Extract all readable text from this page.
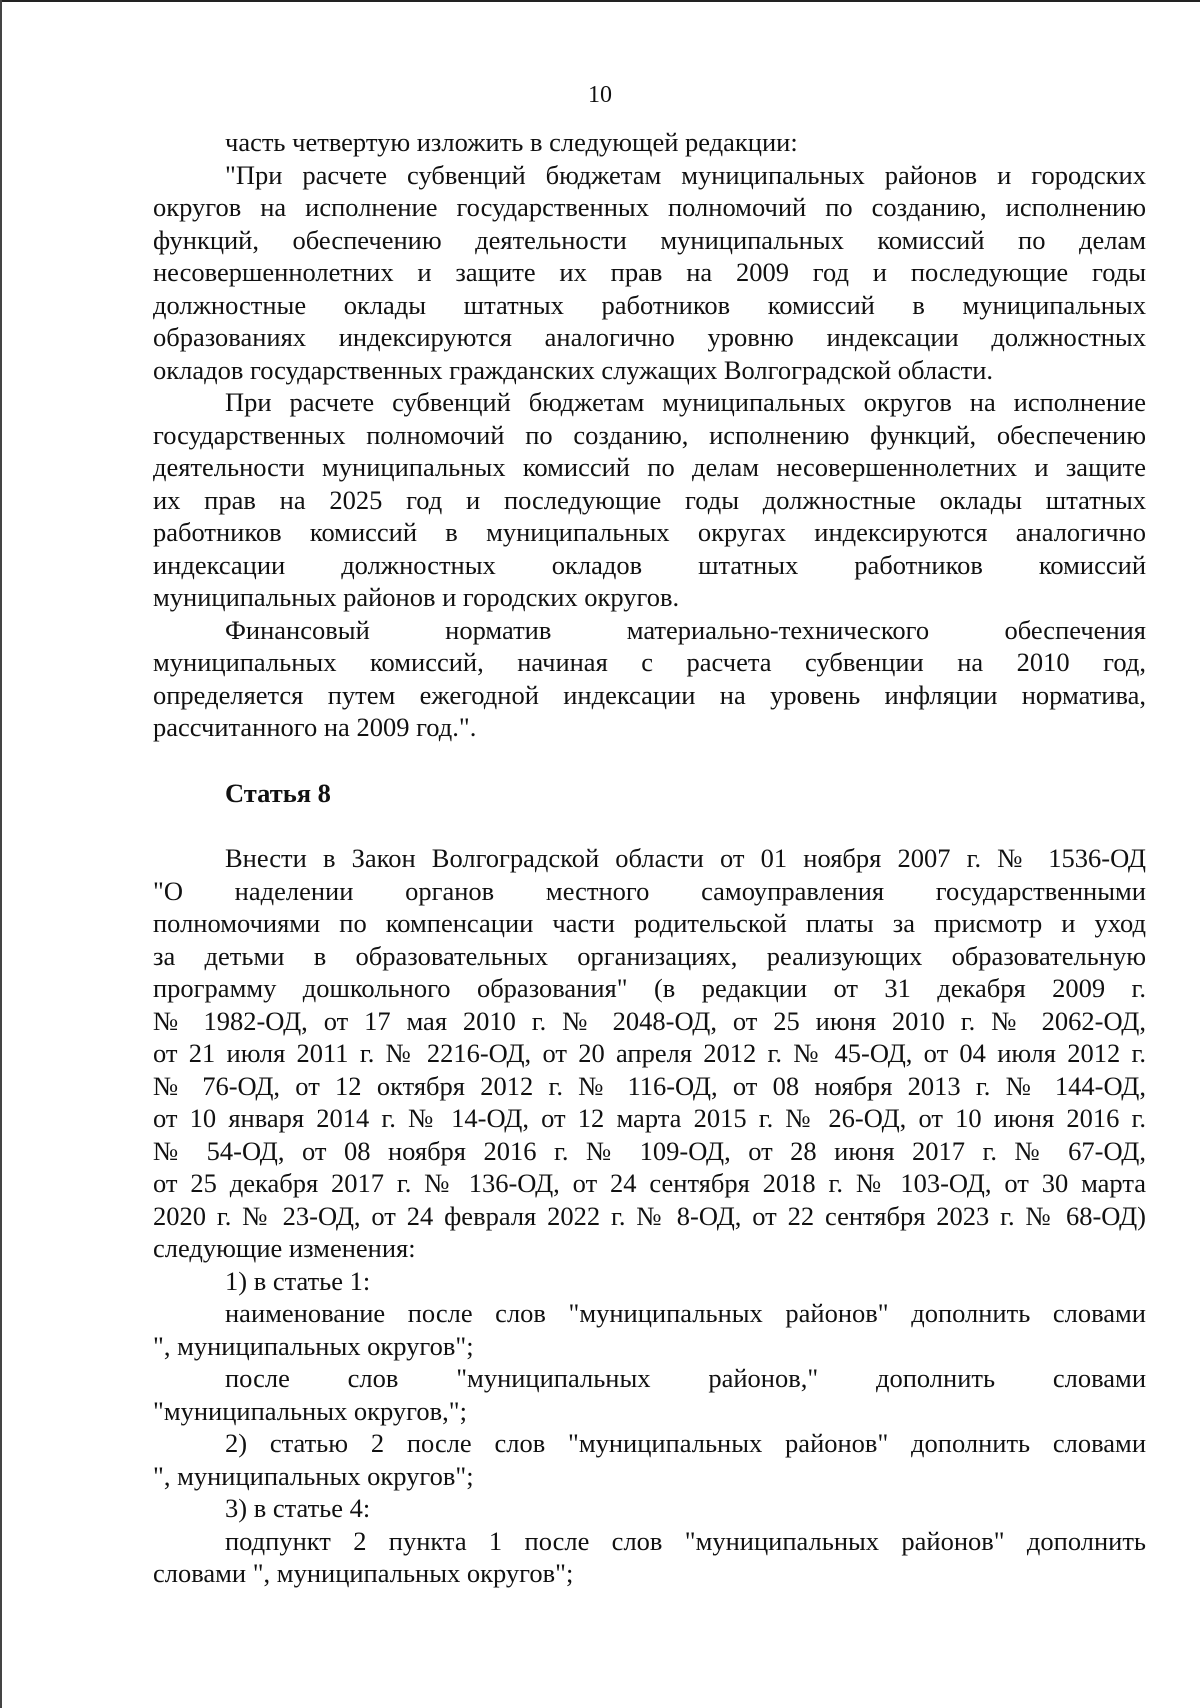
10
часть четвертую изложить в следующей редакции:
"При расчете субвенций бюджетам муниципальных районов и городских
округов на исполнение государственных полномочий по созданию, исполнению
функций, обеспечению деятельности муниципальных комиссий по делам
несовершеннолетних и защите их прав на 2009 год и последующие годы
должностные оклады штатных работников комиссий в муниципальных
образованиях индексируются аналогично уровню индексации должностных
окладов государственных гражданских служащих Волгоградской области.
При расчете субвенций бюджетам муниципальных округов на исполнение
государственных полномочий по созданию, исполнению функций, обеспечению
деятельности муниципальных комиссий по делам несовершеннолетних и защите
их прав на 2025 год и последующие годы должностные оклады штатных
работников комиссий в муниципальных округах индексируются аналогично
индексации должностных окладов штатных работников комиссий
муниципальных районов и городских округов.
Финансовый норматив материально-технического обеспечения
муниципальных комиссий, начиная с расчета субвенции на 2010 год,
определяется путем ежегодной индексации на уровень инфляции норматива,
рассчитанного на 2009 год.".

Статья 8

Внести в Закон Волгоградской области от 01 ноября 2007 г. № 1536-ОД
"О наделении органов местного самоуправления государственными
полномочиями по компенсации части родительской платы за присмотр и уход
за детьми в образовательных организациях, реализующих образовательную
программу дошкольного образования" (в редакции от 31 декабря 2009 г.
№ 1982-ОД, от 17 мая 2010 г. № 2048-ОД, от 25 июня 2010 г. № 2062-ОД,
от 21 июля 2011 г. № 2216-ОД, от 20 апреля 2012 г. № 45-ОД, от 04 июля 2012 г.
№ 76-ОД, от 12 октября 2012 г. № 116-ОД, от 08 ноября 2013 г. № 144-ОД,
от 10 января 2014 г. № 14-ОД, от 12 марта 2015 г. № 26-ОД, от 10 июня 2016 г.
№ 54-ОД, от 08 ноября 2016 г. № 109-ОД, от 28 июня 2017 г. № 67-ОД,
от 25 декабря 2017 г. № 136-ОД, от 24 сентября 2018 г. № 103-ОД, от 30 марта
2020 г. № 23-ОД, от 24 февраля 2022 г. № 8-ОД, от 22 сентября 2023 г. № 68-ОД)
следующие изменения:
1) в статье 1:
наименование после слов "муниципальных районов" дополнить словами
", муниципальных округов";
после слов "муниципальных районов," дополнить словами
"муниципальных округов,";
2) статью 2 после слов "муниципальных районов" дополнить словами
", муниципальных округов";
3) в статье 4:
подпункт 2 пункта 1 после слов "муниципальных районов" дополнить
словами ", муниципальных округов";
